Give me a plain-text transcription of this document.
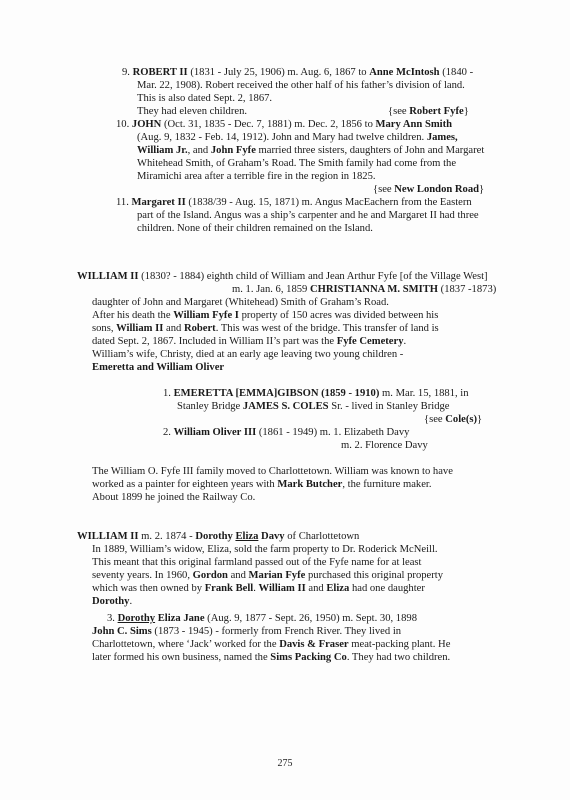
9. ROBERT II (1831 - July 25, 1906) m. Aug. 6, 1867 to Anne McIntosh (1840 -
Mar. 22, 1908). Robert received the other half of his father’s division of land.
This is also dated Sept. 2, 1867.
They had eleven children.	{see Robert Fyfe}
10. JOHN (Oct. 31, 1835 - Dec. 7, 1881) m. Dec. 2, 1856 to Mary Ann Smith
(Aug. 9, 1832 - Feb. 14, 1912). John and Mary had twelve children. James,
William Jr., and John Fyfe married three sisters, daughters of John and Margaret
Whitehead Smith, of Graham’s Road. The Smith family had come from the
Miramichi area after a terrible fire in the region in 1825.
{see New London Road}
11. Margaret II (1838/39 - Aug. 15, 1871) m. Angus MacEachern from the Eastern
part of the Island. Angus was a ship’s carpenter and he and Margaret II had three
children. None of their children remained on the Island.
WILLIAM II (1830? - 1884) eighth child of William and Jean Arthur Fyfe [of the Village West]
m. 1. Jan. 6, 1859 CHRISTIANNA M. SMITH (1837 -1873)
daughter of John and Margaret (Whitehead) Smith of Graham’s Road.
After his death the William Fyfe I property of 150 acres was divided between his
sons, William II and Robert. This was west of the bridge. This transfer of land is
dated Sept. 2, 1867. Included in William II’s part was the Fyfe Cemetery.
William’s wife, Christy, died at an early age leaving two young children -
Emeretta and William Oliver
1. EMERETTA [EMMA]GIBSON (1859 - 1910) m. Mar. 15, 1881, in
Stanley Bridge JAMES S. COLES Sr. - lived in Stanley Bridge
{see Cole(s)}
2. William Oliver III (1861 - 1949) m. 1. Elizabeth Davy
m. 2. Florence Davy
The William O. Fyfe III family moved to Charlottetown. William was known to have
worked as a painter for eighteen years with Mark Butcher, the furniture maker.
About 1899 he joined the Railway Co.
WILLIAM II m. 2. 1874 - Dorothy Eliza Davy of Charlottetown
In 1889, William’s widow, Eliza, sold the farm property to Dr. Roderick McNeill.
This meant that this original farmland passed out of the Fyfe name for at least
seventy years. In 1960, Gordon and Marian Fyfe purchased this original property
which was then owned by Frank Bell. William II and Eliza had one daughter
Dorothy.
3. Dorothy Eliza Jane (Aug. 9, 1877 - Sept. 26, 1950) m. Sept. 30, 1898
John C. Sims (1873 - 1945) - formerly from French River. They lived in
Charlottetown, where ‘Jack’ worked for the Davis & Fraser meat-packing plant. He
later formed his own business, named the Sims Packing Co. They had two children.
275
